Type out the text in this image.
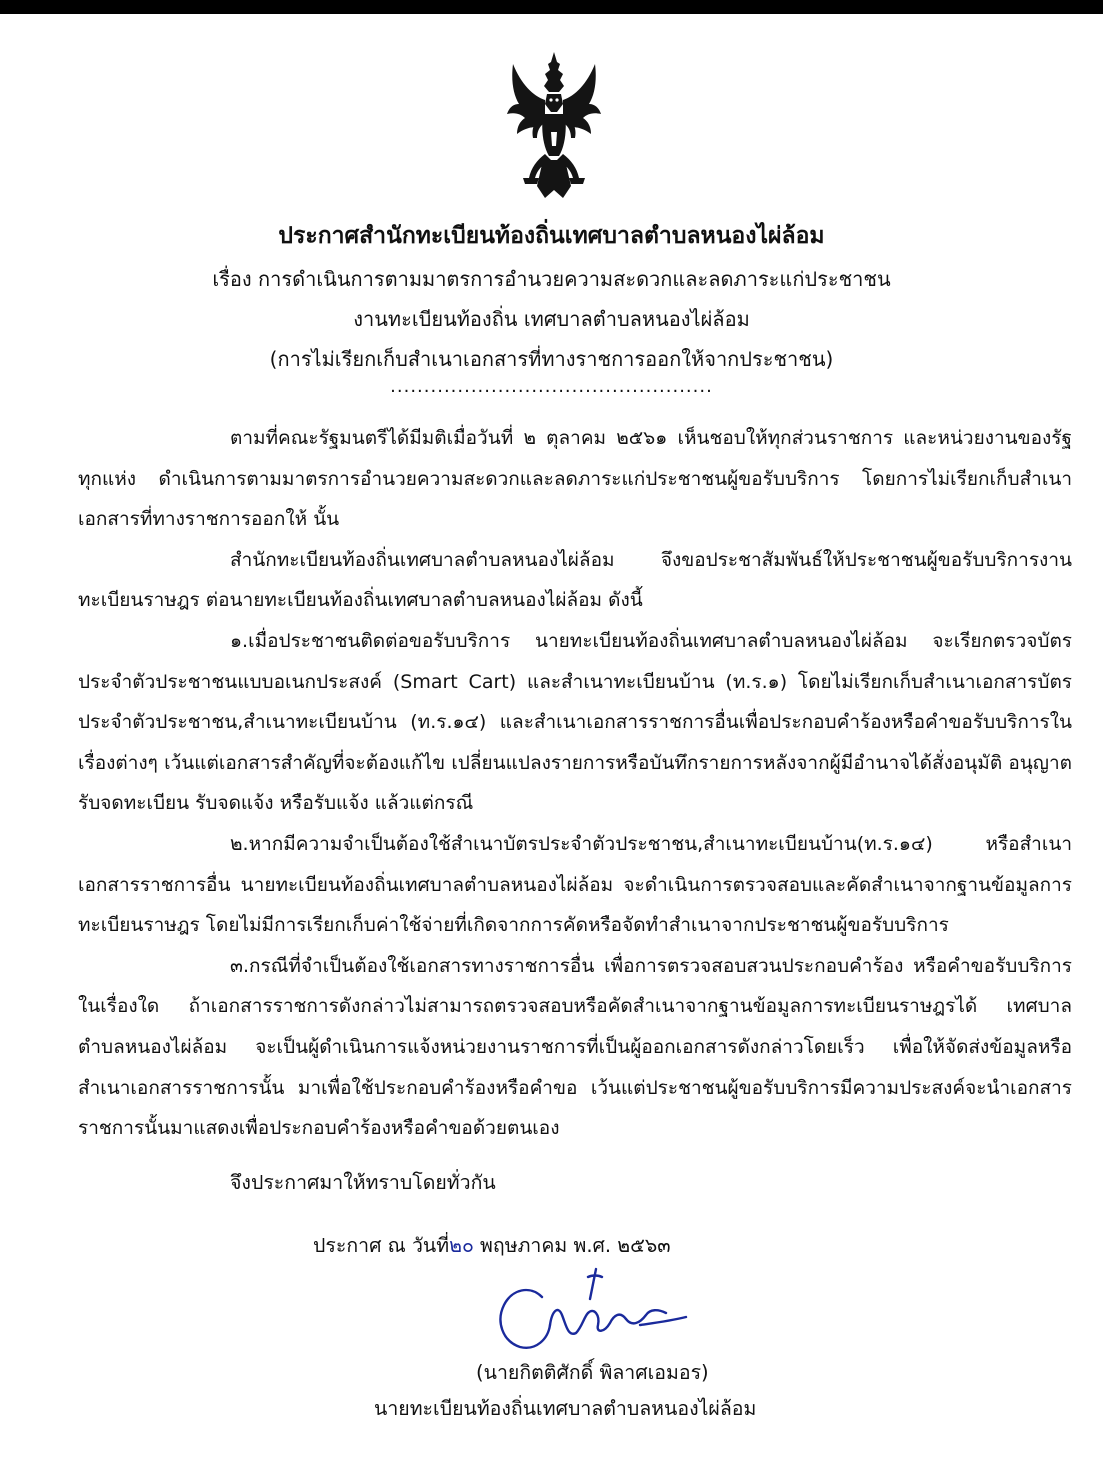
ประกาศสำนักทะเบียนท้องถิ่นเทศบาลตำบลหนองไผ่ล้อม
เรื่อง การดำเนินการตามมาตรการอำนวยความสะดวกและลดภาระแก่ประชาชน
งานทะเบียนท้องถิ่น เทศบาลตำบลหนองไผ่ล้อม
(การไม่เรียกเก็บสำเนาเอกสารที่ทางราชการออกให้จากประชาชน)
................................................

ตามที่คณะรัฐมนตรีได้มีมติเมื่อวันที่ ๒ ตุลาคม ๒๕๖๑ เห็นชอบให้ทุกส่วนราชการ และหน่วยงานของรัฐทุกแห่ง ดำเนินการตามมาตรการอำนวยความสะดวกและลดภาระแก่ประชาชนผู้ขอรับบริการ โดยการไม่เรียกเก็บสำเนาเอกสารที่ทางราชการออกให้ นั้น

สำนักทะเบียนท้องถิ่นเทศบาลตำบลหนองไผ่ล้อม จึงขอประชาสัมพันธ์ให้ประชาชนผู้ขอรับบริการงานทะเบียนราษฎร ต่อนายทะเบียนท้องถิ่นเทศบาลตำบลหนองไผ่ล้อม ดังนี้

๑.เมื่อประชาชนติดต่อขอรับบริการ นายทะเบียนท้องถิ่นเทศบาลตำบลหนองไผ่ล้อม จะเรียกตรวจบัตรประจำตัวประชาชนแบบอเนกประสงค์ (Smart Cart) และสำเนาทะเบียนบ้าน (ท.ร.๑) โดยไม่เรียกเก็บสำเนาเอกสารบัตรประจำตัวประชาชน,สำเนาทะเบียนบ้าน (ท.ร.๑๔) และสำเนาเอกสารราชการอื่นเพื่อประกอบคำร้องหรือคำขอรับบริการในเรื่องต่างๆ เว้นแต่เอกสารสำคัญที่จะต้องแก้ไข เปลี่ยนแปลงรายการหรือบันทึกรายการหลังจากผู้มีอำนาจได้สั่งอนุมัติ อนุญาต รับจดทะเบียน รับจดแจ้ง หรือรับแจ้ง แล้วแต่กรณี

๒.หากมีความจำเป็นต้องใช้สำเนาบัตรประจำตัวประชาชน,สำเนาทะเบียนบ้าน(ท.ร.๑๔) หรือสำเนาเอกสารราชการอื่น นายทะเบียนท้องถิ่นเทศบาลตำบลหนองไผ่ล้อม จะดำเนินการตรวจสอบและคัดสำเนาจากฐานข้อมูลการทะเบียนราษฎร โดยไม่มีการเรียกเก็บค่าใช้จ่ายที่เกิดจากการคัดหรือจัดทำสำเนาจากประชาชนผู้ขอรับบริการ

๓.กรณีที่จำเป็นต้องใช้เอกสารทางราชการอื่น เพื่อการตรวจสอบสวนประกอบคำร้อง หรือคำขอรับบริการในเรื่องใด ถ้าเอกสารราชการดังกล่าวไม่สามารถตรวจสอบหรือคัดสำเนาจากฐานข้อมูลการทะเบียนราษฎรได้ เทศบาลตำบลหนองไผ่ล้อม จะเป็นผู้ดำเนินการแจ้งหน่วยงานราชการที่เป็นผู้ออกเอกสารดังกล่าวโดยเร็ว เพื่อให้จัดส่งข้อมูลหรือสำเนาเอกสารราชการนั้น มาเพื่อใช้ประกอบคำร้องหรือคำขอ เว้นแต่ประชาชนผู้ขอรับบริการมีความประสงค์จะนำเอกสารราชการนั้นมาแสดงเพื่อประกอบคำร้องหรือคำขอด้วยตนเอง

จึงประกาศมาให้ทราบโดยทั่วกัน
ประกาศ ณ วันที่๒๐ พฤษภาคม พ.ศ. ๒๕๖๓
(นายกิตติศักดิ์ พิลาศเอมอร)
นายทะเบียนท้องถิ่นเทศบาลตำบลหนองไผ่ล้อม
